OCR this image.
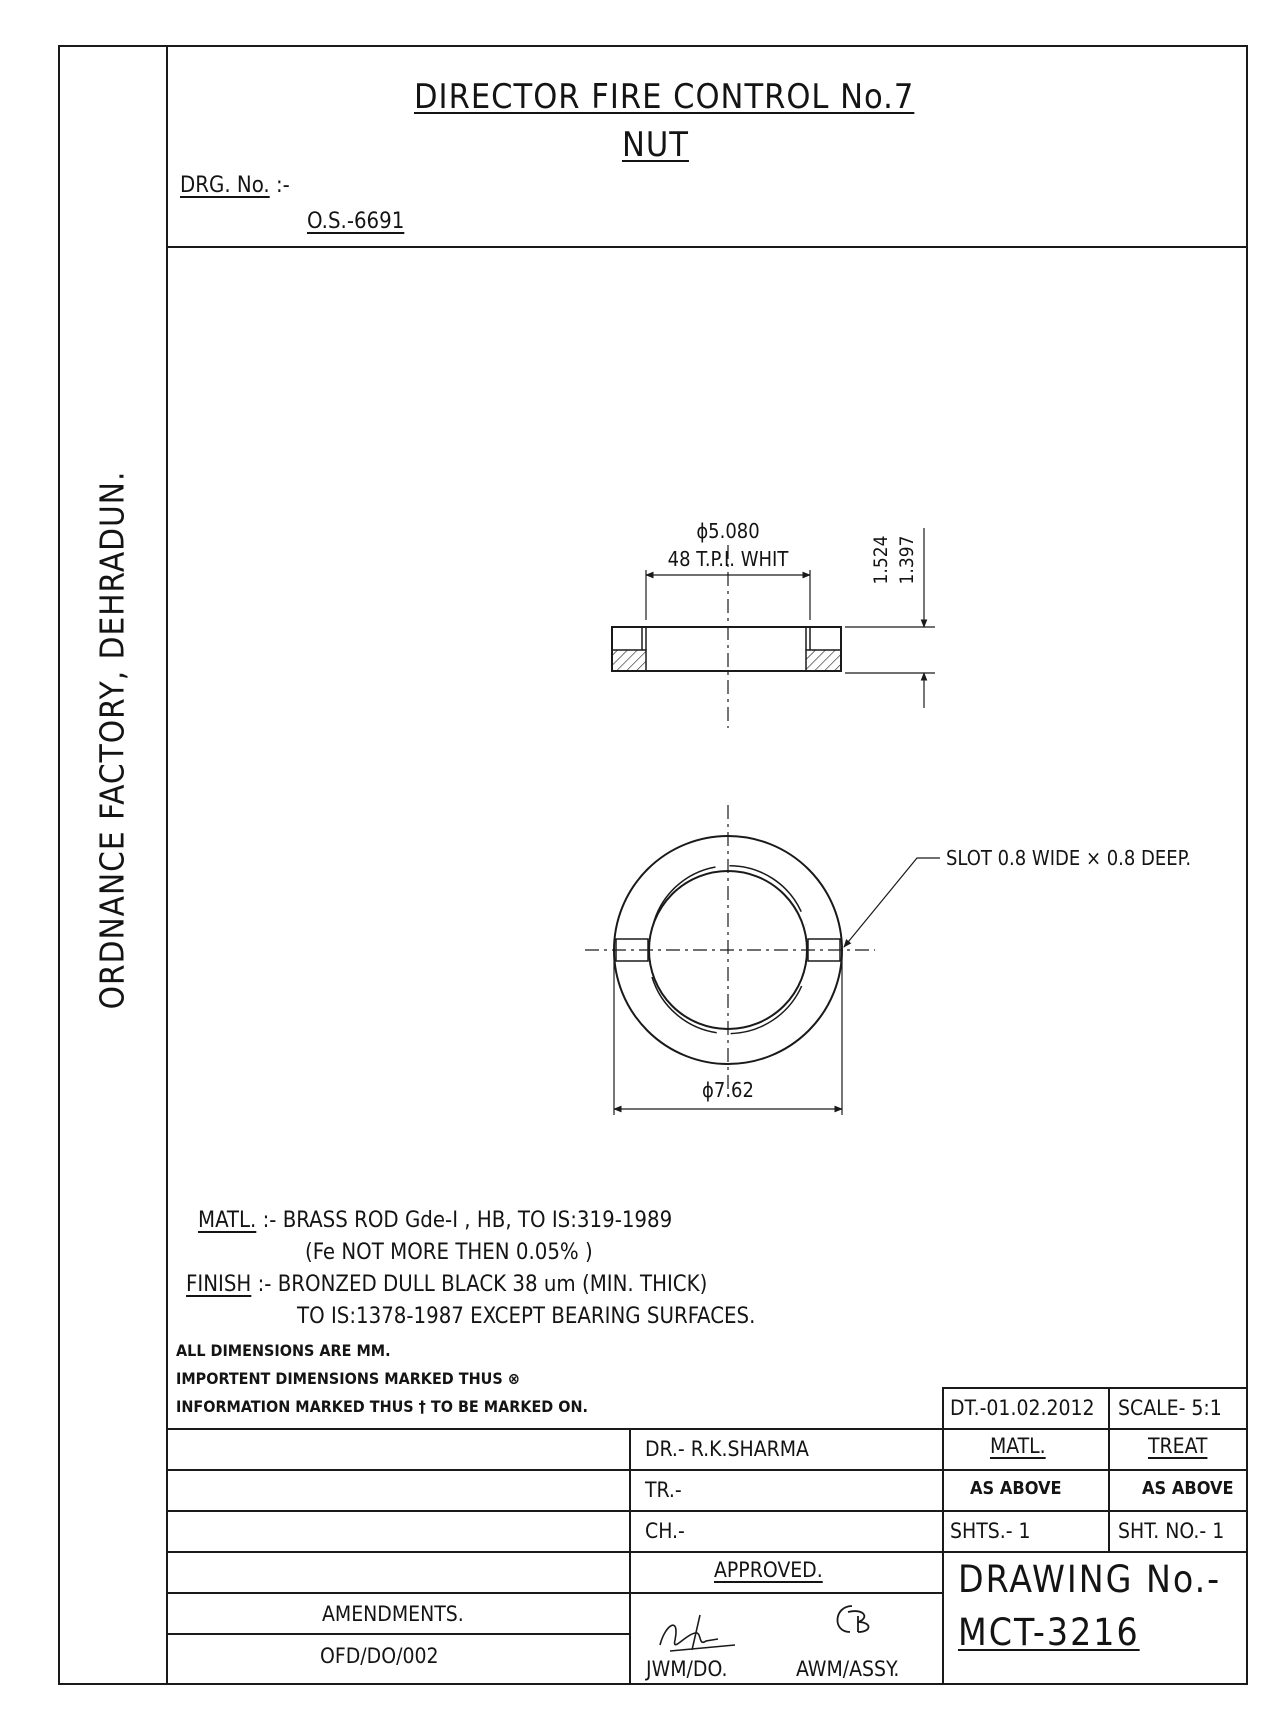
ORDNANCE FACTORY, DEHRADUN.
DIRECTOR FIRE CONTROL No.7
NUT
DRG. No. :-
O.S.-6691
ϕ5.080
48 T.P.I. WHIT	1.524 1.397
ϕ7.62
SLOT 0.8 WIDE × 0.8 DEEP.
MATL. :- BRASS ROD Gde-I , HB, TO IS:319-1989
(Fe NOT MORE THEN 0.05% )
FINISH :- BRONZED DULL BLACK 38 um (MIN. THICK)
TO IS:1378-1987 EXCEPT BEARING SURFACES.
ALL DIMENSIONS ARE MM.
IMPORTENT DIMENSIONS MARKED THUS ⊗
INFORMATION MARKED THUS † TO BE MARKED ON.	DT.-01.02.2012 SCALE- 5:1
DR.- R.K.SHARMA
TR.-
CH.-
MATL.	TREAT
AS ABOVE	AS ABOVE
SHTS.- 1	SHT. NO.- 1
APPROVED.
JWM/DO.	AWM/ASSY.
DRAWING No.-
MCT-3216
AMENDMENTS.
OFD/DO/002
